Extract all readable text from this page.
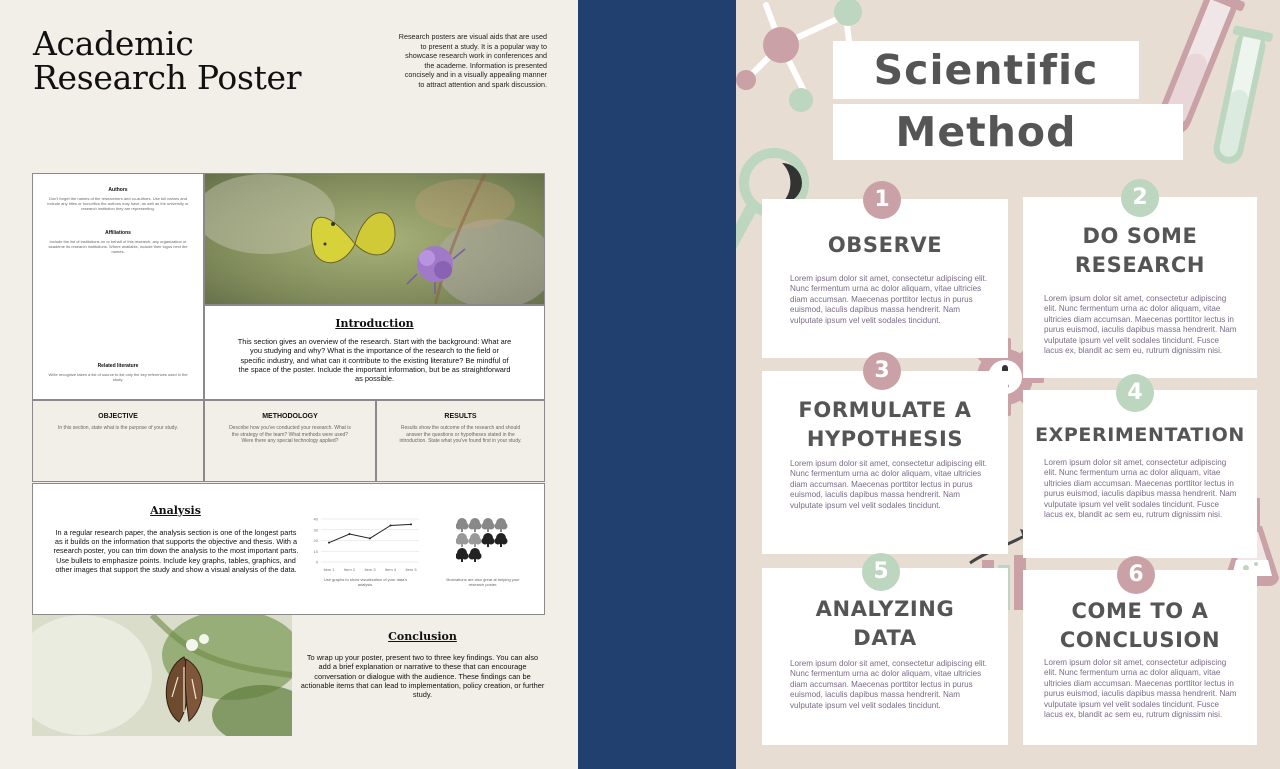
Academic
Research Poster
Research posters are visual aids that are used to present a study. It is a popular way to showcase research work in conferences and the academe. Information is presented concisely and in a visually appealing manner to attract attention and spark discussion.
Authors
Don't forget the names of the researchers and co-authors. Use full names and include any titles or honorifics the authors may have, as well as the university or research institution they are representing.
Affiliations
Include the list of institutions on or behalf of this research, any organization or academe its research institutions. Where available, include their logos next the names.
Related literature
Write recognize taken a list of source to list only the key references used in the study.
Introduction
This section gives an overview of the research. Start with the background: What are you studying and why? What is the importance of the research to the field or specific industry, and what can it contribute to the existing literature? Be mindful of the space of the poster. Include the important information, but be as straightforward as possible.
OBJECTIVE
In this section, state what is the purpose of your study.
METHODOLOGY
Describe how you've conducted your research. What is the strategy of the team? What methods were used? Were there any special technology applied?
RESULTS
Results show the outcome of the research and should answer the questions or hypotheses stated in the introduction. State what you've found first in your study.
Analysis
In a regular research paper, the analysis section is one of the longest parts as it builds on the information that supports the objective and thesis. With a research poster, you can trim down the analysis to the most important parts. Use bullets to emphasize points. Include key graphs, tables, graphics, and other images that support the study and show a visual analysis of the data.
0
10
20
30
40
Item 1 Item 2 Item 3 Item 4 Item 5
Use graphs to show visualization of your data's analysis.
Illustrations are also great at helping your research poster.
Conclusion
To wrap up your poster, present two to three key findings. You can also add a brief explanation or narrative to these that can encourage conversation or dialogue with the audience. These findings can be actionable items that can lead to implementation, policy creation, or further study.
Scientific
Method
OBSERVE
Lorem ipsum dolor sit amet, consectetur adipiscing elit. Nunc fermentum urna ac dolor aliquam, vitae ultricies diam accumsan. Maecenas porttitor lectus in purus euismod, iaculis dapibus massa hendrerit. Nam vulputate ipsum vel velit sodales tincidunt.
DO SOME
RESEARCH
Lorem ipsum dolor sit amet, consectetur adipiscing elit. Nunc fermentum urna ac dolor aliquam, vitae ultricies diam accumsan. Maecenas porttitor lectus in purus euismod, iaculis dapibus massa hendrerit. Nam vulputate ipsum vel velit sodales tincidunt. Fusce lacus ex, blandit ac sem eu, rutrum dignissim nisi.
FORMULATE A
HYPOTHESIS
Lorem ipsum dolor sit amet, consectetur adipiscing elit. Nunc fermentum urna ac dolor aliquam, vitae ultricies diam accumsan. Maecenas porttitor lectus in purus euismod, iaculis dapibus massa hendrerit. Nam vulputate ipsum vel velit sodales tincidunt.
EXPERIMENTATION
Lorem ipsum dolor sit amet, consectetur adipiscing elit. Nunc fermentum urna ac dolor aliquam, vitae ultricies diam accumsan. Maecenas porttitor lectus in purus euismod, iaculis dapibus massa hendrerit. Nam vulputate ipsum vel velit sodales tincidunt. Fusce lacus ex, blandit ac sem eu, rutrum dignissim nisi.
ANALYZING
DATA
Lorem ipsum dolor sit amet, consectetur adipiscing elit. Nunc fermentum urna ac dolor aliquam, vitae ultricies diam accumsan. Maecenas porttitor lectus in purus euismod, iaculis dapibus massa hendrerit. Nam vulputate ipsum vel velit sodales tincidunt.
COME TO A
CONCLUSION
Lorem ipsum dolor sit amet, consectetur adipiscing elit. Nunc fermentum urna ac dolor aliquam, vitae ultricies diam accumsan. Maecenas porttitor lectus in purus euismod, iaculis dapibus massa hendrerit. Nam vulputate ipsum vel velit sodales tincidunt. Fusce lacus ex, blandit ac sem eu, rutrum dignissim nisi.
1	2
3
4
5	6
